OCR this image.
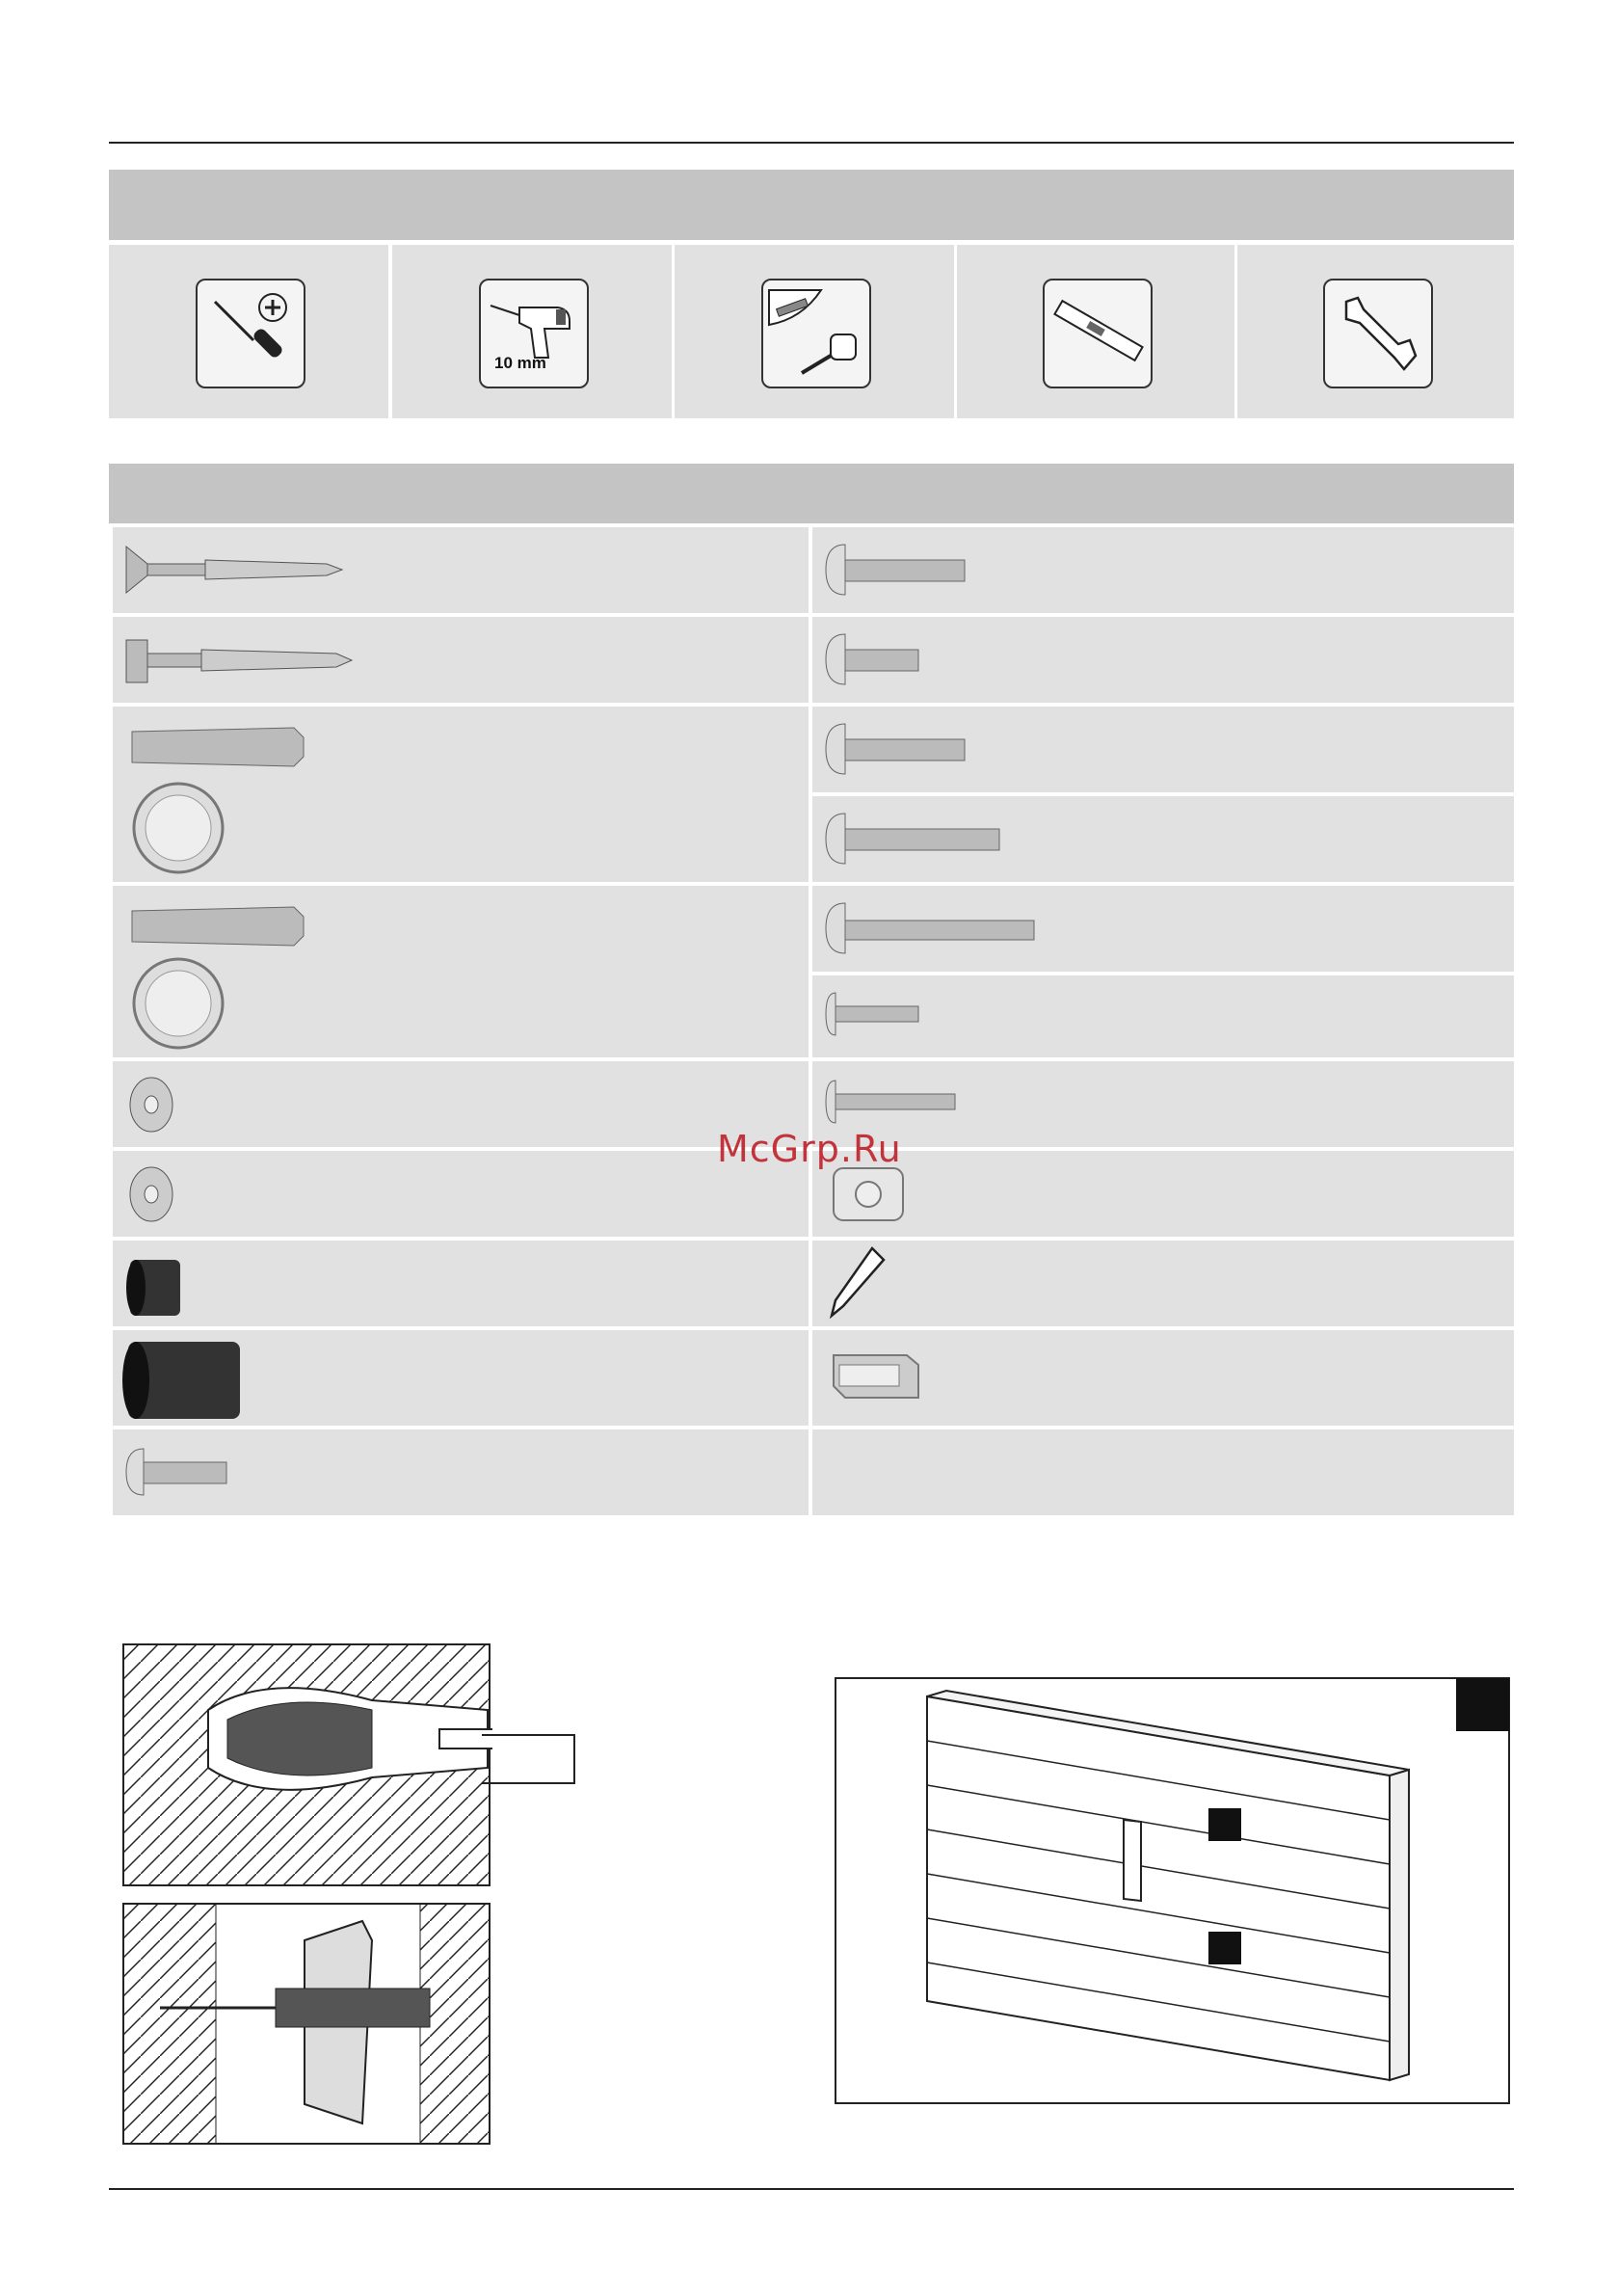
10 mm
McGrp.Ru
